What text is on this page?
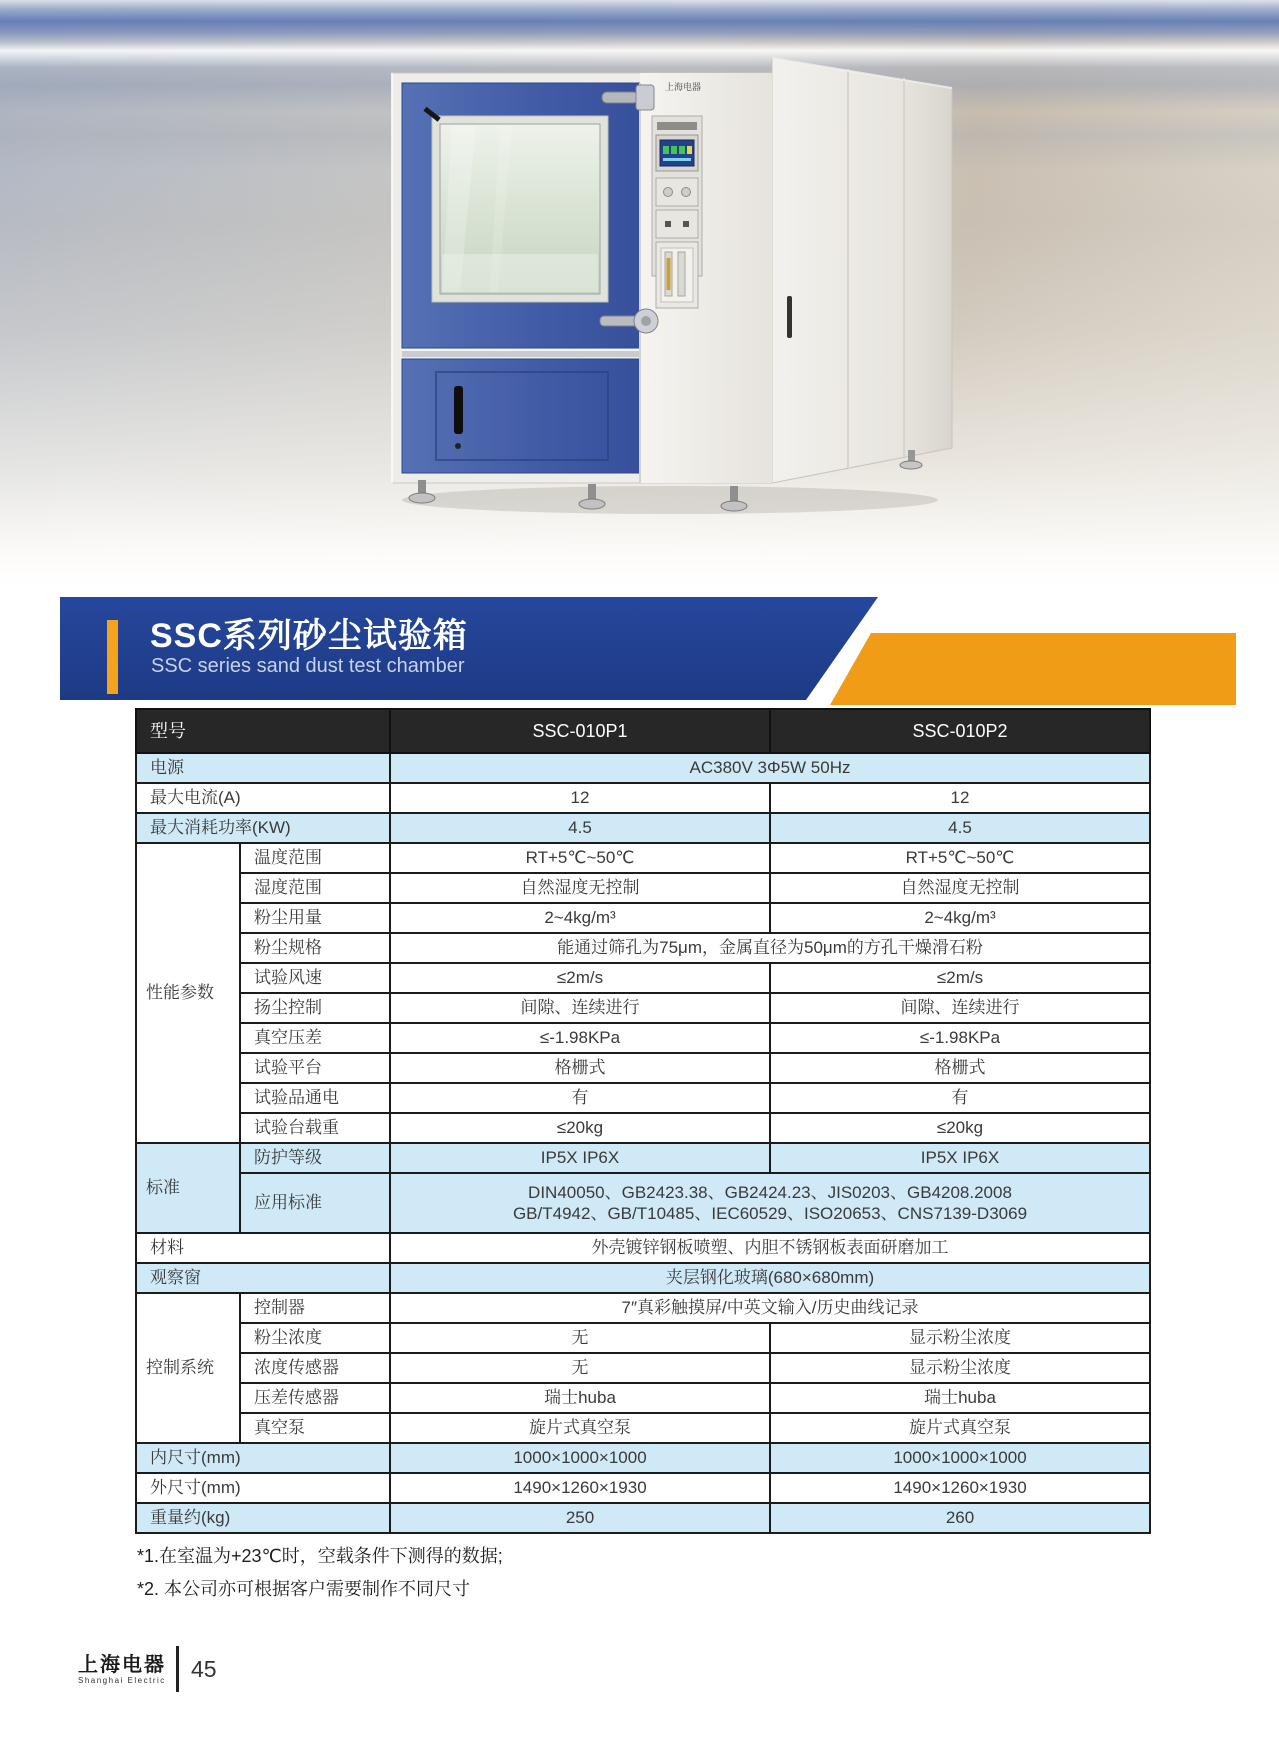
上海电器
SSC系列砂尘试验箱
SSC series sand dust test chamber
型号		SSC-010P1	SSC-010P2
电源		AC380V 3Φ5W 50Hz	
最大电流(A)		12	12
最大消耗功率(KW)		4.5	4.5
性能参数	温度范围	RT+5℃~50℃	RT+5℃~50℃
	湿度范围	自然湿度无控制	自然湿度无控制
	粉尘用量	2~4kg/m³	2~4kg/m³
	粉尘规格	能通过筛孔为75μm，金属直径为50μm的方孔干燥滑石粉	
	试验风速	≤2m/s	≤2m/s
	扬尘控制	间隙、连续进行	间隙、连续进行
	真空压差	≤-1.98KPa	≤-1.98KPa
	试验平台	格栅式	格栅式
	试验品通电	有	有
	试验台载重	≤20kg	≤20kg
标准	防护等级	IP5X IP6X	IP5X IP6X
	应用标准	DIN40050、GB2423.38、GB2424.23、JIS0203、GB4208.2008
GB/T4942、GB/T10485、IEC60529、ISO20653、CNS7139-D3069	

材料		外壳镀锌钢板喷塑、内胆不锈钢板表面研磨加工	
观察窗		夹层钢化玻璃(680×680mm)	
控制系统	控制器	7″真彩触摸屏/中英文输入/历史曲线记录	
	粉尘浓度	无	显示粉尘浓度
	浓度传感器	无	显示粉尘浓度
	压差传感器	瑞士huba	瑞士huba
	真空泵	旋片式真空泵	旋片式真空泵
内尺寸(mm)		1000×1000×1000	1000×1000×1000
外尺寸(mm)		1490×1260×1930	1490×1260×1930
重量约(kg)		250	260
*1.在室温为+23℃时，空载条件下测得的数据;
*2. 本公司亦可根据客户需要制作不同尺寸
上海电器
Shanghai Electric 45
